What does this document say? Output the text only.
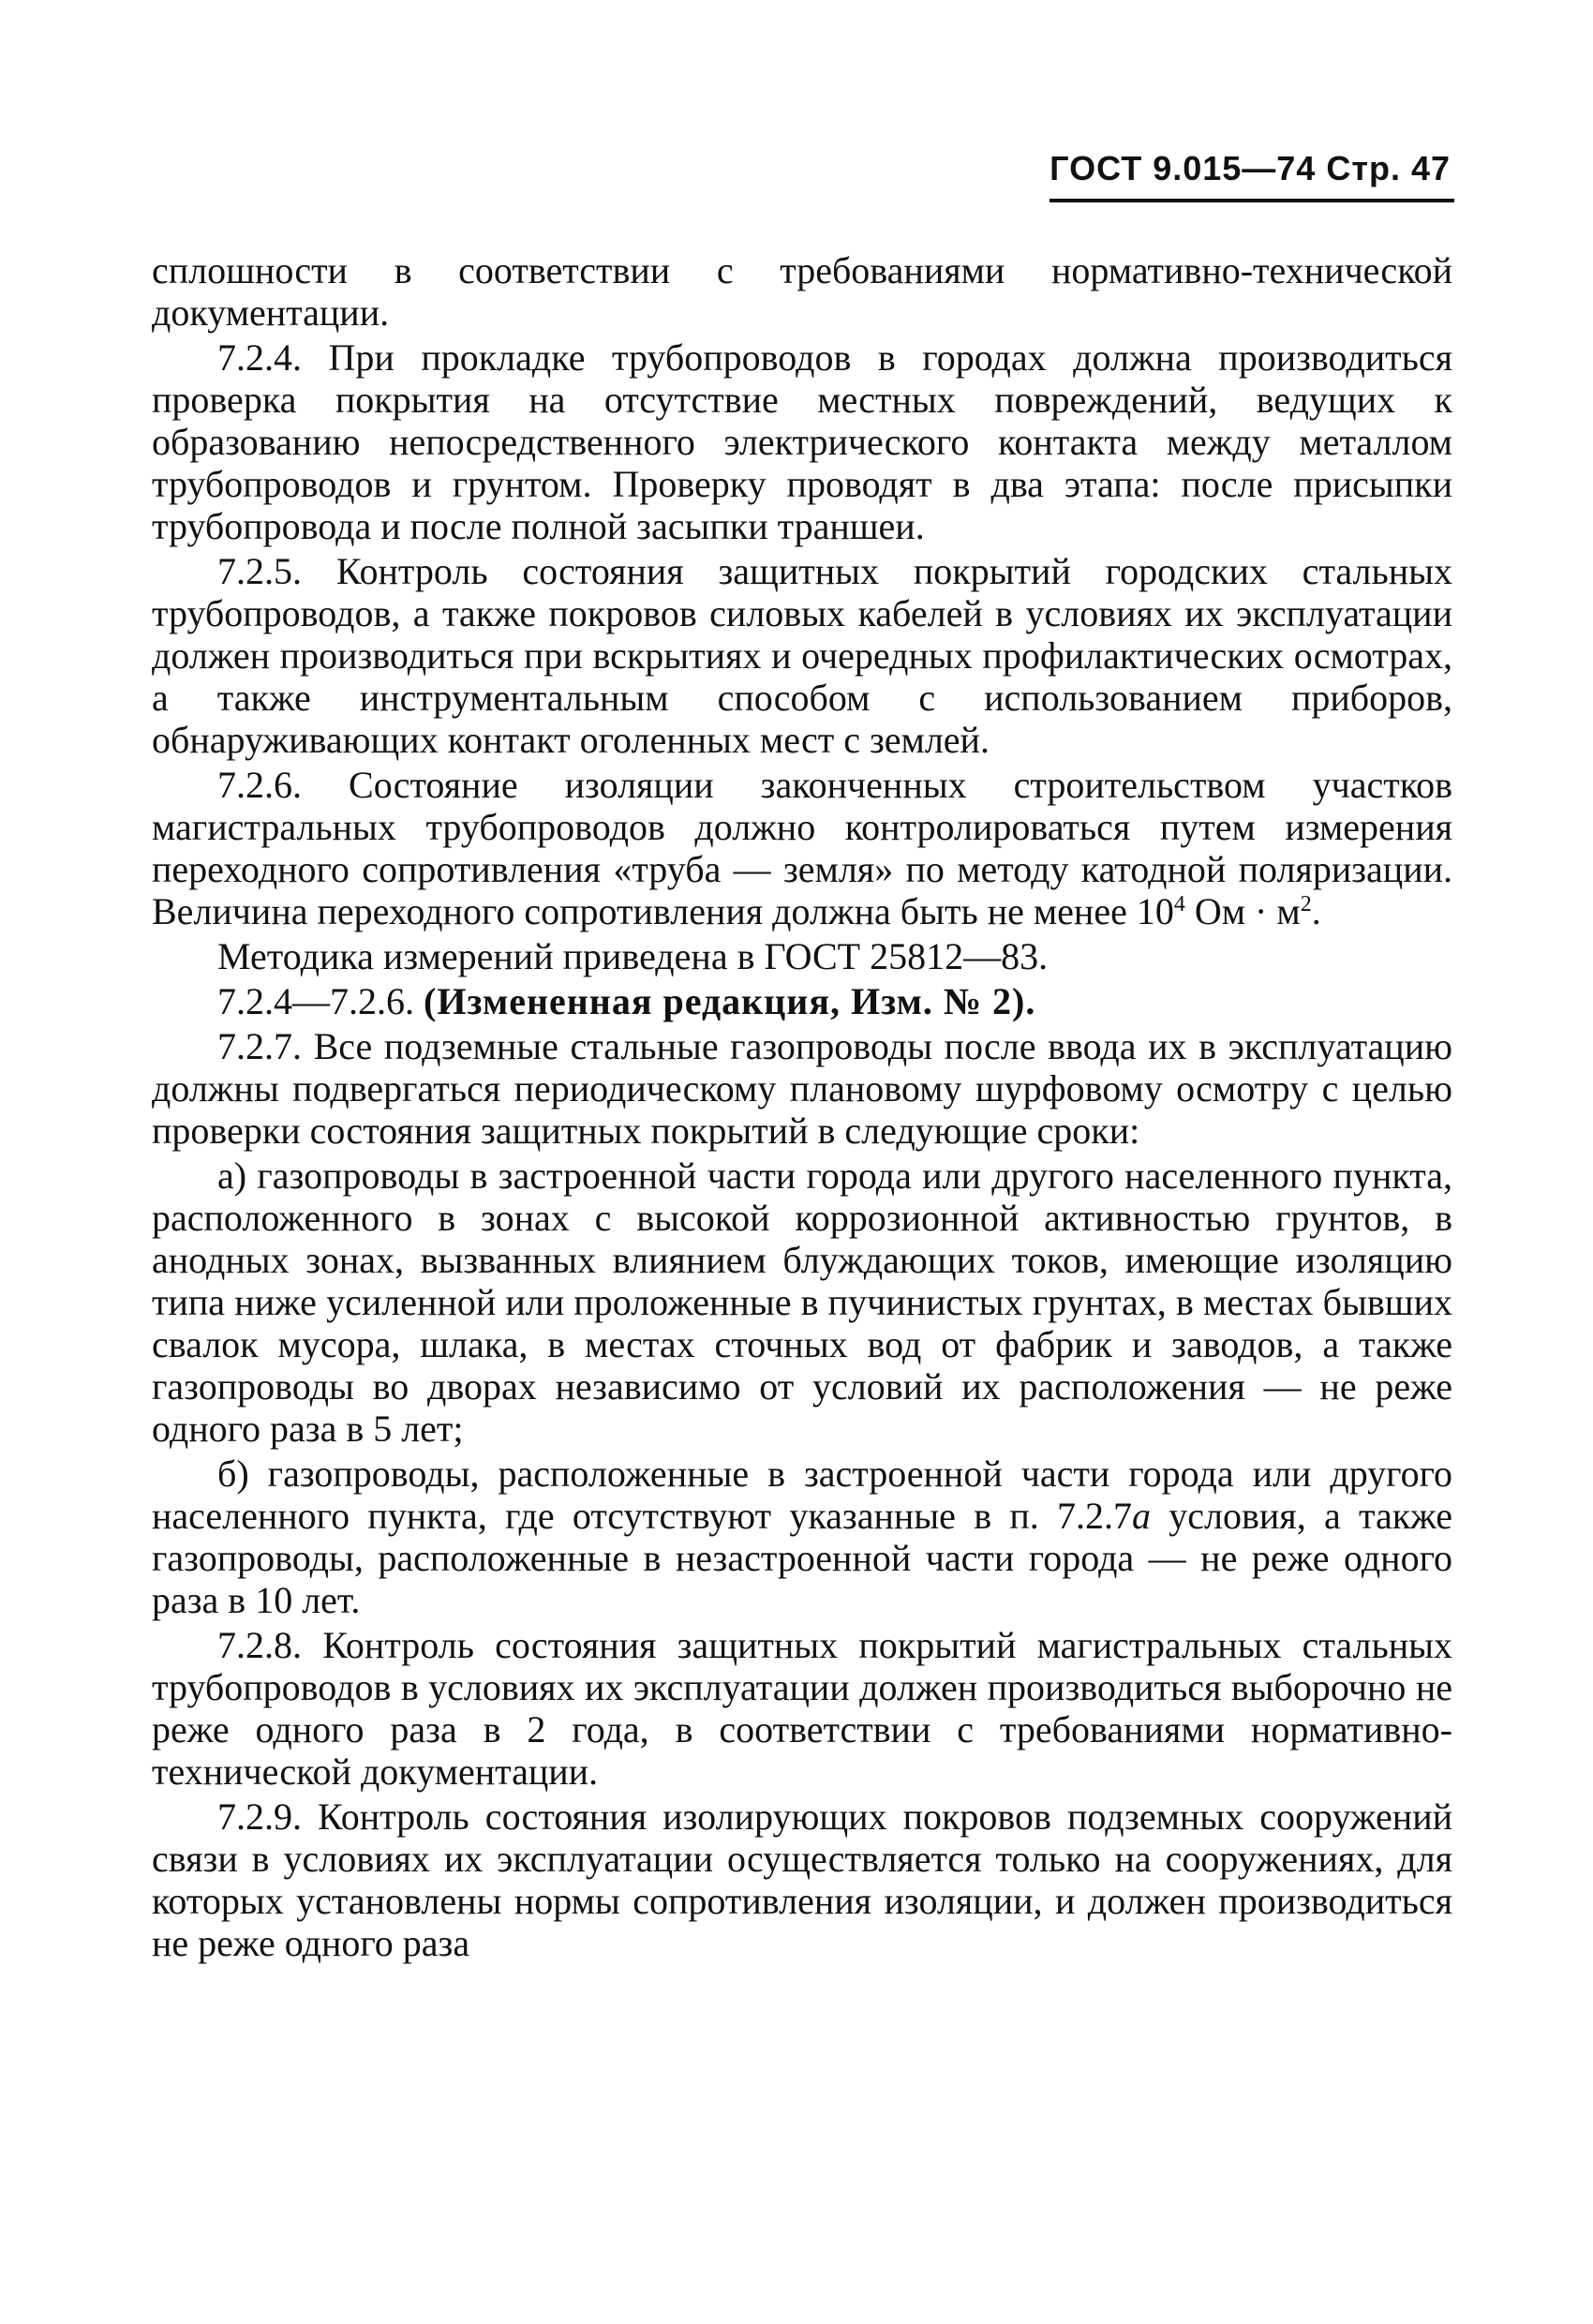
ГОСТ 9.015—74 Стр. 47

сплошности в соответствии с требованиями нормативно-технической документации.

7.2.4. При прокладке трубопроводов в городах должна производиться проверка покрытия на отсутствие местных повреждений, ведущих к образованию непосредственного электрического контакта между металлом трубопроводов и грунтом. Проверку проводят в два этапа: после присыпки трубопровода и после полной засыпки траншеи.

7.2.5. Контроль состояния защитных покрытий городских стальных трубопроводов, а также покровов силовых кабелей в условиях их эксплуатации должен производиться при вскрытиях и очередных профилактических осмотрах, а также инструментальным способом с использованием приборов, обнаруживающих контакт оголенных мест с землей.

7.2.6. Состояние изоляции законченных строительством участков магистральных трубопроводов должно контролироваться путем измерения переходного сопротивления «труба — земля» по методу катодной поляризации. Величина переходного сопротивления должна быть не менее $10^4$ Ом · $м^2$.

Методика измерений приведена в ГОСТ 25812—83.

7.2.4—7.2.6. (Измененная редакция, Изм. № 2).

7.2.7. Все подземные стальные газопроводы после ввода их в эксплуатацию должны подвергаться периодическому плановому шурфовому осмотру с целью проверки состояния защитных покрытий в следующие сроки:

а) газопроводы в застроенной части города или другого населенного пункта, расположенного в зонах с высокой коррозионной активностью грунтов, в анодных зонах, вызванных влиянием блуждающих токов, имеющие изоляцию типа ниже усиленной или проложенные в пучинистых грунтах, в местах бывших свалок мусора, шлака, в местах сточных вод от фабрик и заводов, а также газопроводы во дворах независимо от условий их расположения — не реже одного раза в 5 лет;

б) газопроводы, расположенные в застроенной части города или другого населенного пункта, где отсутствуют указанные в п. 7.2.7а условия, а также газопроводы, расположенные в незастроенной части города — не реже одного раза в 10 лет.

7.2.8. Контроль состояния защитных покрытий магистральных стальных трубопроводов в условиях их эксплуатации должен производиться выборочно не реже одного раза в 2 года, в соответствии с требованиями нормативно-технической документации.

7.2.9. Контроль состояния изолирующих покровов подземных сооружений связи в условиях их эксплуатации осуществляется только на сооружениях, для которых установлены нормы сопротивления изоляции, и должен производиться не реже одного раза
